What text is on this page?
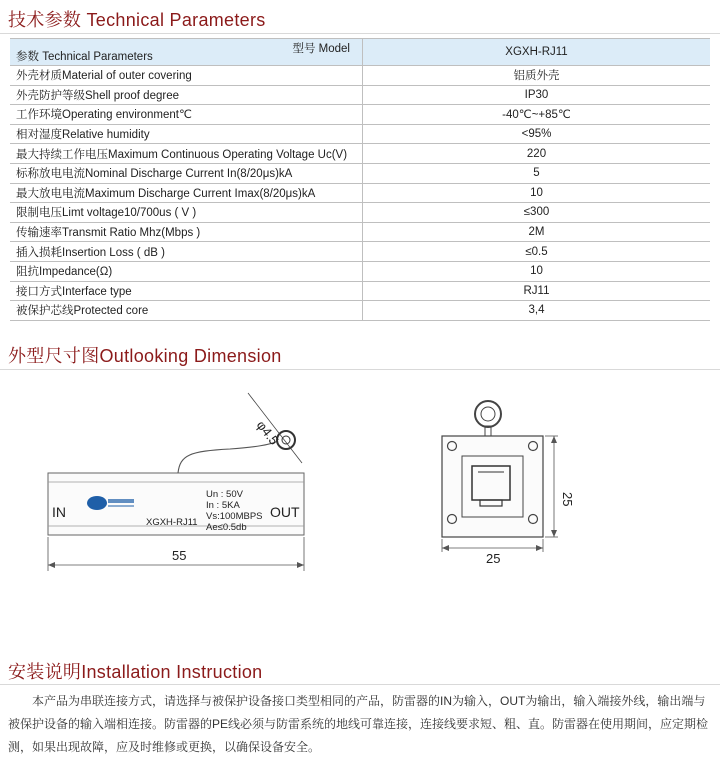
技术参数 Technical Parameters
型号 Model
参数 Technical Parameters	XGXH-RJ11
外壳材质Material of outer covering	铝质外壳
外壳防护等级Shell proof degree	IP30
工作环境Operating environment℃	-40℃~+85℃
相对湿度Relative humidity	<95%
最大持续工作电压Maximum Continuous Operating Voltage Uc(V)	220
标称放电电流Nominal Discharge Current In(8/20μs)kA	5
最大放电电流Maximum Discharge Current Imax(8/20μs)kA	10
限制电压Limt voltage10/700us ( V )	≤300
传输速率Transmit Ratio Mhz(Mbps )	2M
插入损耗Insertion Loss ( dB )	≤0.5
阻抗Impedance(Ω)	10
接口方式Interface type	RJ11
被保护芯线Protected core	3,4
外型尺寸图Outlooking Dimension
φ4.5
IN	OUT
XGXH-RJ11
Un : 50V
In : 5KA
Vs:100MBPS
Ae≤0.5db
55	25
25
安装说明Installation Instruction
本产品为串联连接方式，请选择与被保护设备接口类型相同的产品，防雷器的IN为输入，OUT为输出，输入端接外线，输出端与被保护设备的输入端相连接。防雷器的PE线必须与防雷系统的地线可靠连接，连接线要求短、粗、直。防雷器在使用期间，应定期检测，如果出现故障，应及时维修或更换，以确保设备安全。
